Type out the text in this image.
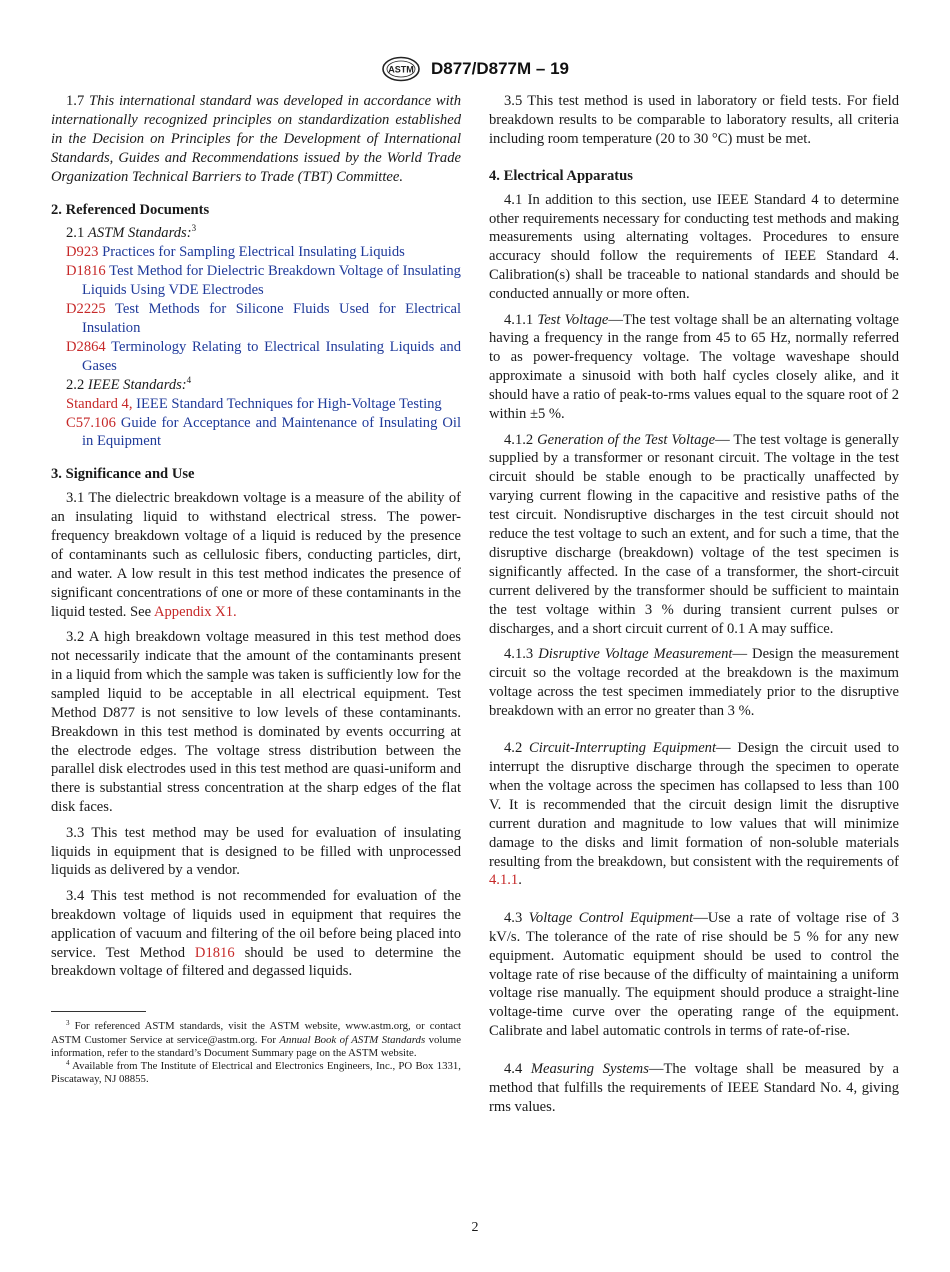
ASTM D877/D877M – 19

1.7 This international standard was developed in accordance with internationally recognized principles on standardization established in the Decision on Principles for the Development of International Standards, Guides and Recommendations issued by the World Trade Organization Technical Barriers to Trade (TBT) Committee.

2. Referenced Documents

2.1 ASTM Standards:$^3$

D923 Practices for Sampling Electrical Insulating Liquids
D1816 Test Method for Dielectric Breakdown Voltage of Insulating Liquids Using VDE Electrodes
D2225 Test Methods for Silicone Fluids Used for Electrical Insulation
D2864 Terminology Relating to Electrical Insulating Liquids and Gases

2.2 IEEE Standards:$^4$

Standard 4, IEEE Standard Techniques for High-Voltage Testing
C57.106 Guide for Acceptance and Maintenance of Insulating Oil in Equipment
3. Significance and Use

3.1 The dielectric breakdown voltage is a measure of the ability of an insulating liquid to withstand electrical stress. The power-frequency breakdown voltage of a liquid is reduced by the presence of contaminants such as cellulosic fibers, conducting particles, dirt, and water. A low result in this test method indicates the presence of significant concentrations of one or more of these contaminants in the liquid tested. See Appendix X1.

3.2 A high breakdown voltage measured in this test method does not necessarily indicate that the amount of the contaminants present in a liquid from which the sample was taken is sufficiently low for the sampled liquid to be acceptable in all electrical equipment. Test Method D877 is not sensitive to low levels of these contaminants. Breakdown in this test method is dominated by events occurring at the electrode edges. The voltage stress distribution between the parallel disk electrodes used in this test method are quasi-uniform and there is substantial stress concentration at the sharp edges of the flat disk faces.

3.3 This test method may be used for evaluation of insulating liquids in equipment that is designed to be filled with unprocessed liquids as delivered by a vendor.

3.4 This test method is not recommended for evaluation of the breakdown voltage of liquids used in equipment that requires the application of vacuum and filtering of the oil before being placed into service. Test Method D1816 should be used to determine the breakdown voltage of filtered and degassed liquids.

$^3$ For referenced ASTM standards, visit the ASTM website, www.astm.org, or contact ASTM Customer Service at service@astm.org. For Annual Book of ASTM Standards volume information, refer to the standard’s Document Summary page on the ASTM website.

$^4$ Available from The Institute of Electrical and Electronics Engineers, Inc., PO Box 1331, Piscataway, NJ 08855.

3.5 This test method is used in laboratory or field tests. For field breakdown results to be comparable to laboratory results, all criteria including room temperature (20 to 30 °C) must be met.

4. Electrical Apparatus

4.1 In addition to this section, use IEEE Standard 4 to determine other requirements necessary for conducting test methods and making measurements using alternating voltages. Procedures to ensure accuracy should follow the requirements of IEEE Standard 4. Calibration(s) shall be traceable to national standards and should be conducted annually or more often.

4.1.1 Test Voltage—The test voltage shall be an alternating voltage having a frequency in the range from 45 to 65 Hz, normally referred to as power-frequency voltage. The voltage waveshape should approximate a sinusoid with both half cycles closely alike, and it should have a ratio of peak-to-rms values equal to the square root of 2 within ±5 %.

4.1.2 Generation of the Test Voltage— The test voltage is generally supplied by a transformer or resonant circuit. The voltage in the test circuit should be stable enough to be practically unaffected by varying current flowing in the capacitive and resistive paths of the test circuit. Nondisruptive discharges in the test circuit should not reduce the test voltage to such an extent, and for such a time, that the disruptive discharge (breakdown) voltage of the test specimen is significantly affected. In the case of a transformer, the short-circuit current delivered by the transformer should be sufficient to maintain the test voltage within 3 % during transient current pulses or discharges, and a short circuit current of 0.1 A may suffice.

4.1.3 Disruptive Voltage Measurement— Design the measurement circuit so the voltage recorded at the breakdown is the maximum voltage across the test specimen immediately prior to the disruptive breakdown with an error no greater than 3 %.

4.2 Circuit-Interrupting Equipment— Design the circuit used to interrupt the disruptive discharge through the specimen to operate when the voltage across the specimen has collapsed to less than 100 V. It is recommended that the circuit design limit the disruptive current duration and magnitude to low values that will minimize damage to the disks and limit formation of non-soluble materials resulting from the breakdown, but consistent with the requirements of 4.1.1.

4.3 Voltage Control Equipment—Use a rate of voltage rise of 3 kV/s. The tolerance of the rate of rise should be 5 % for any new equipment. Automatic equipment should be used to control the voltage rate of rise because of the difficulty of maintaining a uniform voltage rise manually. The equipment should produce a straight-line voltage-time curve over the operating range of the equipment. Calibrate and label automatic controls in terms of rate-of-rise.

4.4 Measuring Systems—The voltage shall be measured by a method that fulfills the requirements of IEEE Standard No. 4, giving rms values.

2
